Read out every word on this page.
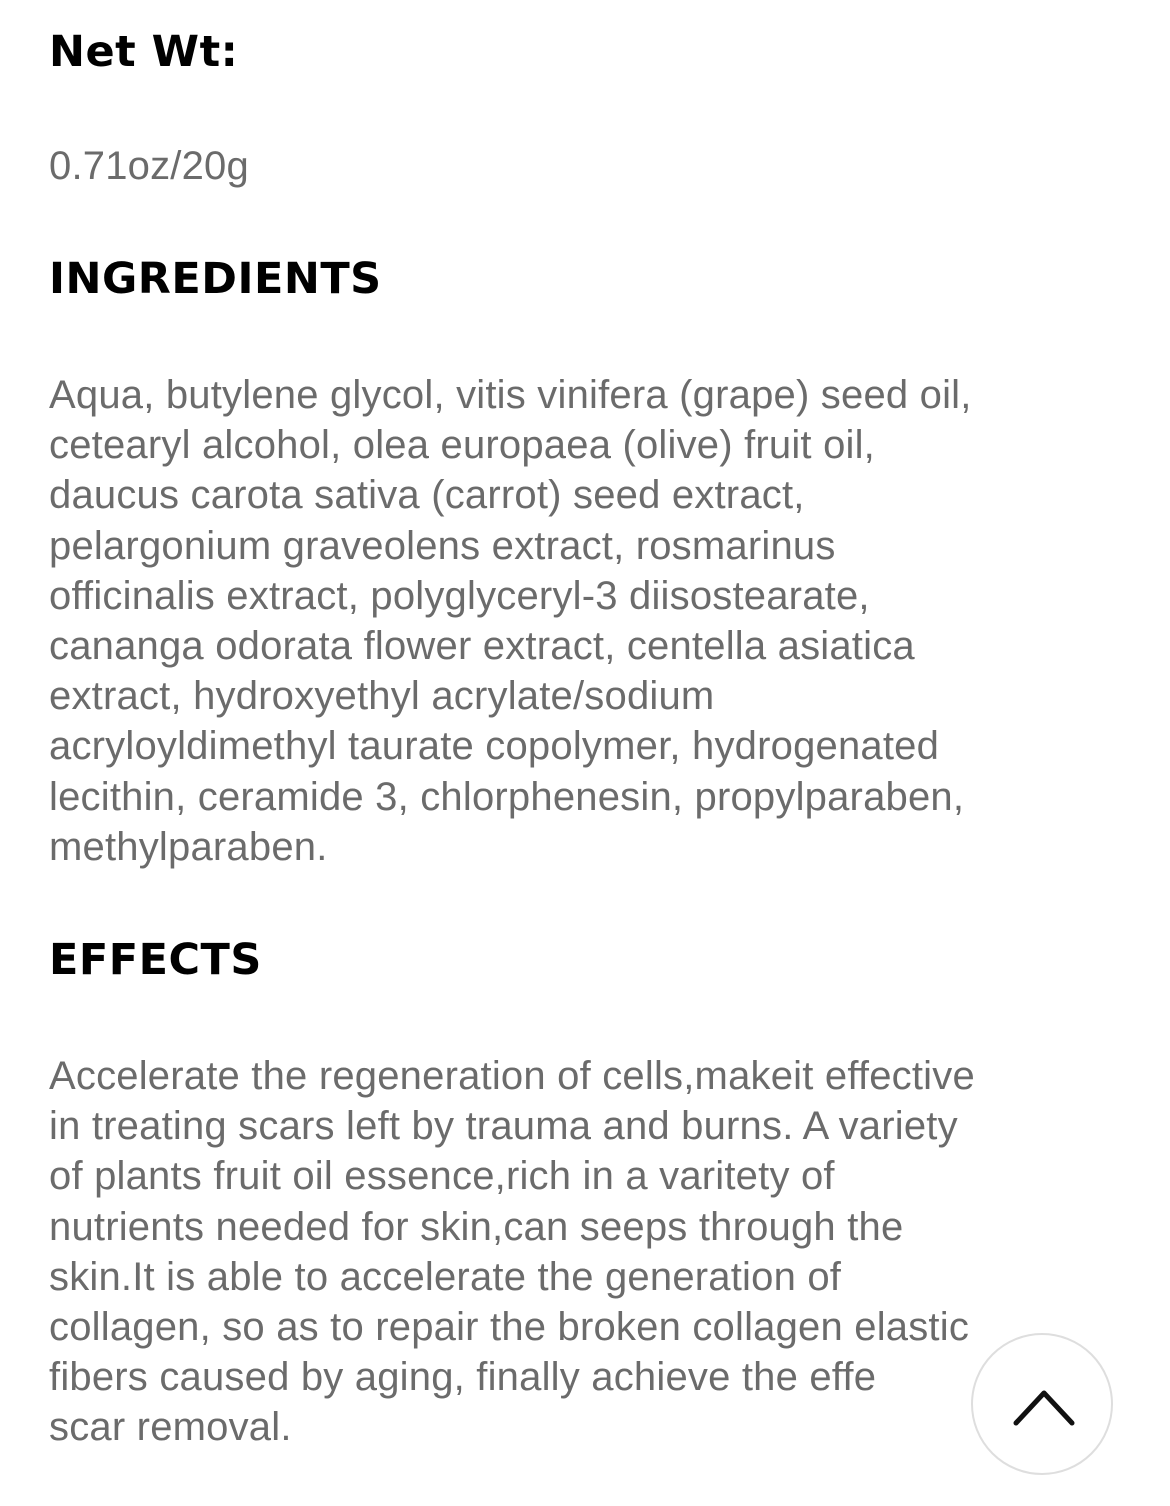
Net Wt:

0.71oz/20g

INGREDIENTS

Aqua, butylene glycol, vitis vinifera (grape) seed oil,
cetearyl alcohol, olea europaea (olive) fruit oil,
daucus carota sativa (carrot) seed extract,
pelargonium graveolens extract, rosmarinus
officinalis extract, polyglyceryl-3 diisostearate,
cananga odorata flower extract, centella asiatica
extract, hydroxyethyl acrylate/sodium
acryloyldimethyl taurate copolymer, hydrogenated
lecithin, ceramide 3, chlorphenesin, propylparaben,
methylparaben.

EFFECTS

Accelerate the regeneration of cells,makeit effective
in treating scars left by trauma and burns. A variety
of plants fruit oil essence,rich in a varitety of
nutrients needed for skin,can seeps through the
skin.It is able to accelerate the generation of
collagen, so as to repair the broken collagen elastic
fibers caused by aging, finally achieve the effe
scar removal.
